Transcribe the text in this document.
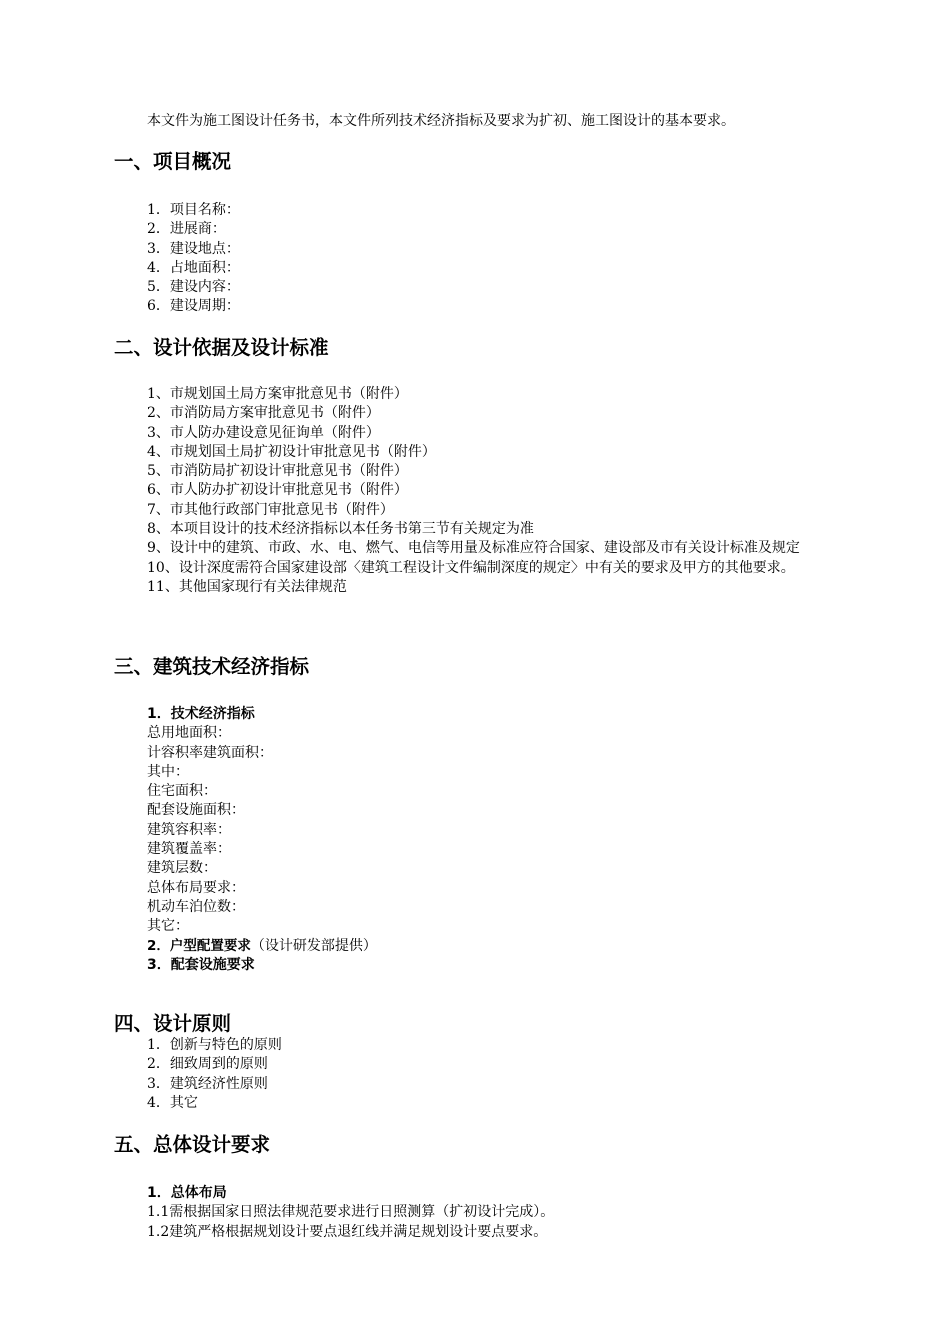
本文件为施工图设计任务书，本文件所列技术经济指标及要求为扩初、施工图设计的基本要求。
一、项目概况
1．项目名称：
2．进展商：
3．建设地点：
4．占地面积：
5．建设内容：
6．建设周期：
二、设计依据及设计标准
1、市规划国土局方案审批意见书（附件）
2、市消防局方案审批意见书（附件）
3、市人防办建设意见征询单（附件）
4、市规划国土局扩初设计审批意见书（附件）
5、市消防局扩初设计审批意见书（附件）
6、市人防办扩初设计审批意见书（附件）
7、市其他行政部门审批意见书（附件）
8、本项目设计的技术经济指标以本任务书第三节有关规定为准
9、设计中的建筑、市政、水、电、燃气、电信等用量及标准应符合国家、建设部及市有关设计标准及规定
10、设计深度需符合国家建设部〈建筑工程设计文件编制深度的规定〉中有关的要求及甲方的其他要求。
11、其他国家现行有关法律规范
三、建筑技术经济指标
1．技术经济指标
总用地面积：
计容积率建筑面积：
其中：
住宅面积：
配套设施面积：
建筑容积率：
建筑覆盖率：
建筑层数：
总体布局要求：
机动车泊位数：
其它：
2．户型配置要求（设计研发部提供）
3．配套设施要求
四、设计原则
1．创新与特色的原则
2．细致周到的原则
3．建筑经济性原则
4．其它
五、总体设计要求
1．总体布局
1.1需根据国家日照法律规范要求进行日照测算（扩初设计完成）。
1.2建筑严格根据规划设计要点退红线并满足规划设计要点要求。
